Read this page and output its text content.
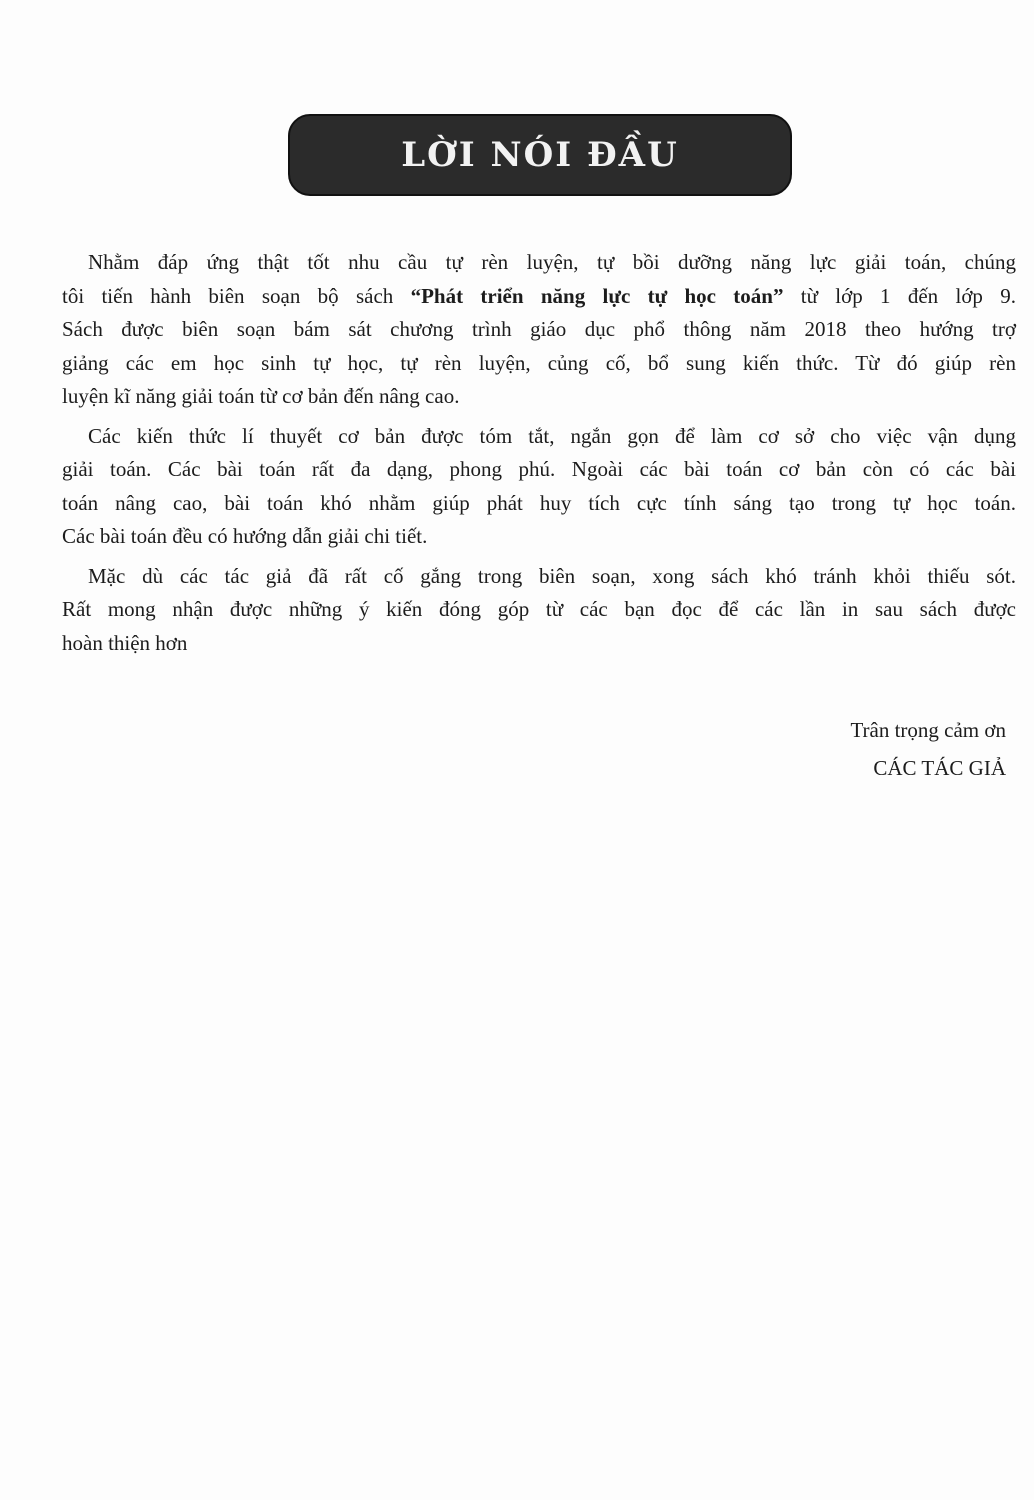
LỜI NÓI ĐẦU
Nhằm đáp ứng thật tốt nhu cầu tự rèn luyện, tự bồi dưỡng năng lực giải toán, chúng
tôi tiến hành biên soạn bộ sách “Phát triển năng lực tự học toán” từ lớp 1 đến lớp 9.
Sách được biên soạn bám sát chương trình giáo dục phổ thông năm 2018 theo hướng trợ
giảng các em học sinh tự học, tự rèn luyện, củng cố, bổ sung kiến thức. Từ đó giúp rèn
luyện kĩ năng giải toán từ cơ bản đến nâng cao.
Các kiến thức lí thuyết cơ bản được tóm tắt, ngắn gọn để làm cơ sở cho việc vận dụng
giải toán. Các bài toán rất đa dạng, phong phú. Ngoài các bài toán cơ bản còn có các bài
toán nâng cao, bài toán khó nhằm giúp phát huy tích cực tính sáng tạo trong tự học toán.
Các bài toán đều có hướng dẫn giải chi tiết.
Mặc dù các tác giả đã rất cố gắng trong biên soạn, xong sách khó tránh khỏi thiếu sót.
Rất mong nhận được những ý kiến đóng góp từ các bạn đọc để các lần in sau sách được
hoàn thiện hơn
Trân trọng cảm ơn
CÁC TÁC GIẢ
